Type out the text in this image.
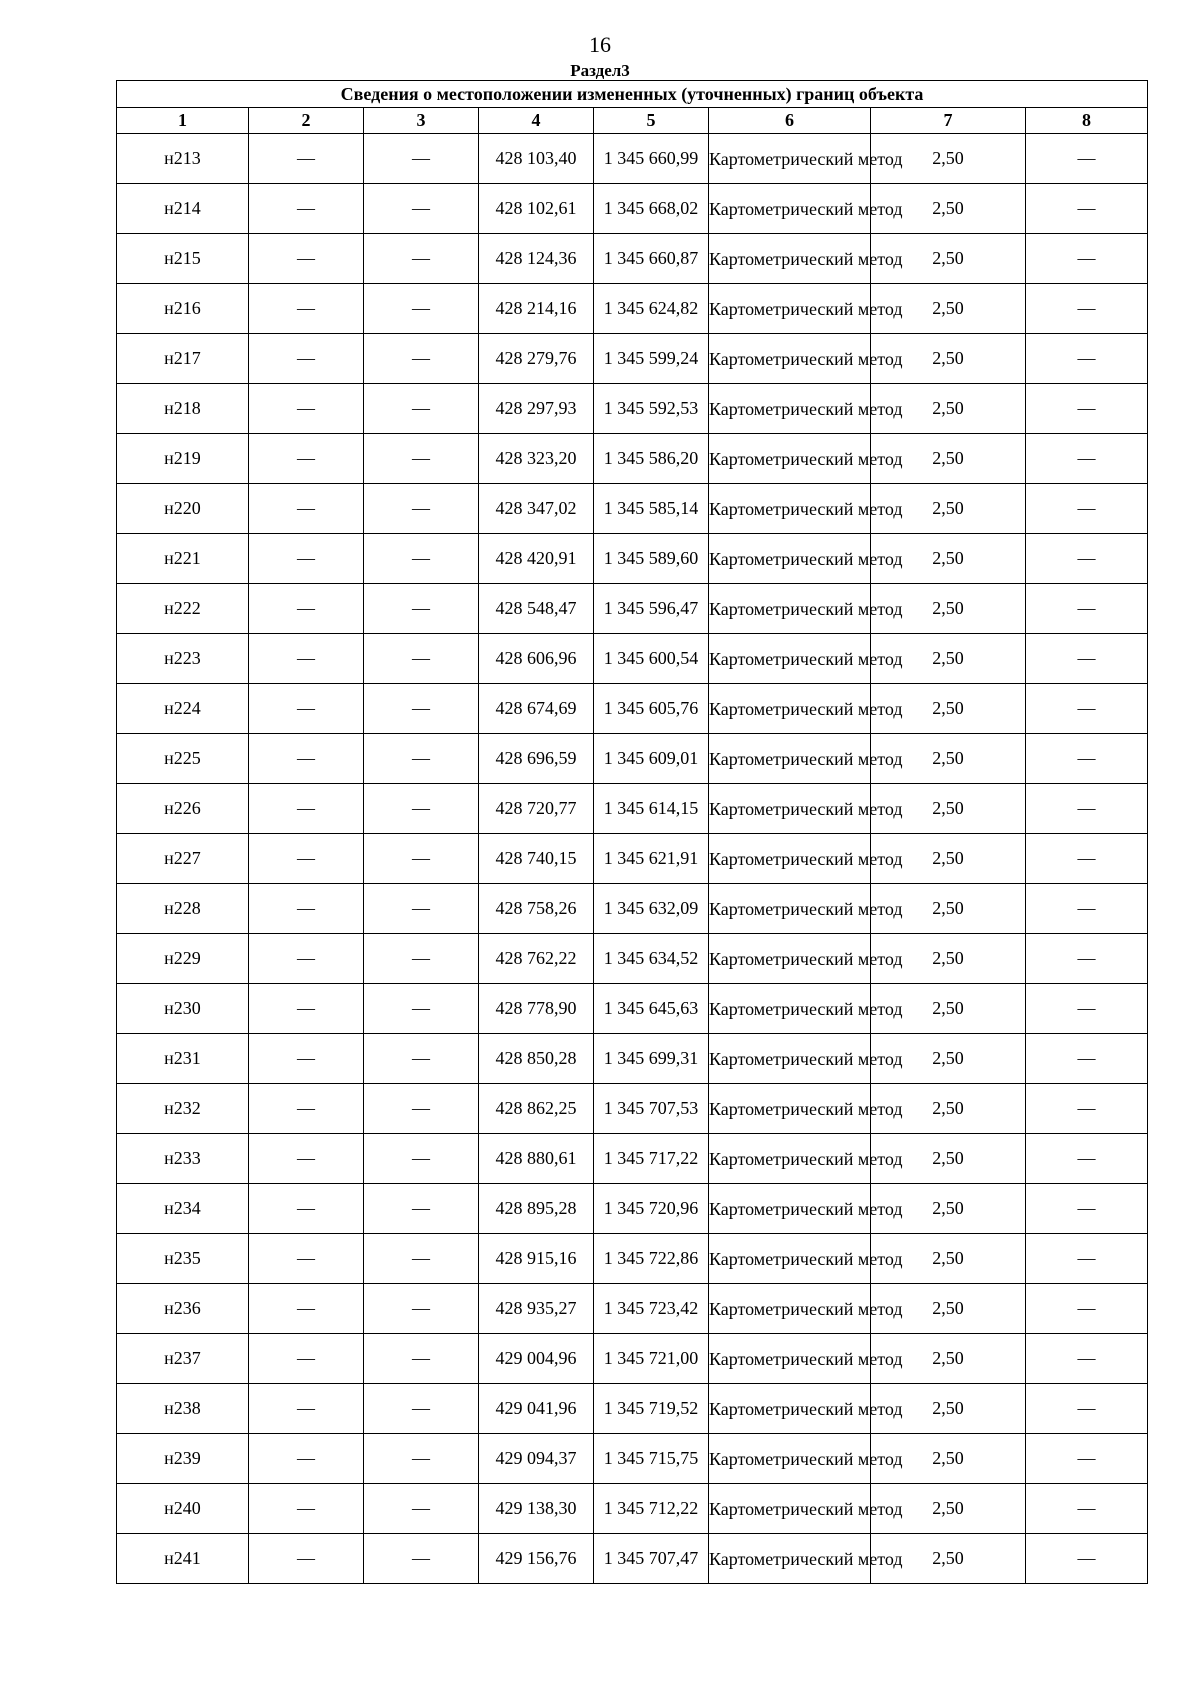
16
Раздел3
Сведения о местоположении измененных (уточненных) границ объекта							
1	2	3	4	5	6	7	8
н213	—	—	428 103,40	1 345 660,99	Картометрический метод	2,50	—
н214	—	—	428 102,61	1 345 668,02	Картометрический метод	2,50	—
н215	—	—	428 124,36	1 345 660,87	Картометрический метод	2,50	—
н216	—	—	428 214,16	1 345 624,82	Картометрический метод	2,50	—
н217	—	—	428 279,76	1 345 599,24	Картометрический метод	2,50	—
н218	—	—	428 297,93	1 345 592,53	Картометрический метод	2,50	—
н219	—	—	428 323,20	1 345 586,20	Картометрический метод	2,50	—
н220	—	—	428 347,02	1 345 585,14	Картометрический метод	2,50	—
н221	—	—	428 420,91	1 345 589,60	Картометрический метод	2,50	—
н222	—	—	428 548,47	1 345 596,47	Картометрический метод	2,50	—
н223	—	—	428 606,96	1 345 600,54	Картометрический метод	2,50	—
н224	—	—	428 674,69	1 345 605,76	Картометрический метод	2,50	—
н225	—	—	428 696,59	1 345 609,01	Картометрический метод	2,50	—
н226	—	—	428 720,77	1 345 614,15	Картометрический метод	2,50	—
н227	—	—	428 740,15	1 345 621,91	Картометрический метод	2,50	—
н228	—	—	428 758,26	1 345 632,09	Картометрический метод	2,50	—
н229	—	—	428 762,22	1 345 634,52	Картометрический метод	2,50	—
н230	—	—	428 778,90	1 345 645,63	Картометрический метод	2,50	—
н231	—	—	428 850,28	1 345 699,31	Картометрический метод	2,50	—
н232	—	—	428 862,25	1 345 707,53	Картометрический метод	2,50	—
н233	—	—	428 880,61	1 345 717,22	Картометрический метод	2,50	—
н234	—	—	428 895,28	1 345 720,96	Картометрический метод	2,50	—
н235	—	—	428 915,16	1 345 722,86	Картометрический метод	2,50	—
н236	—	—	428 935,27	1 345 723,42	Картометрический метод	2,50	—
н237	—	—	429 004,96	1 345 721,00	Картометрический метод	2,50	—
н238	—	—	429 041,96	1 345 719,52	Картометрический метод	2,50	—
н239	—	—	429 094,37	1 345 715,75	Картометрический метод	2,50	—
н240	—	—	429 138,30	1 345 712,22	Картометрический метод	2,50	—
н241	—	—	429 156,76	1 345 707,47	Картометрический метод	2,50	—
